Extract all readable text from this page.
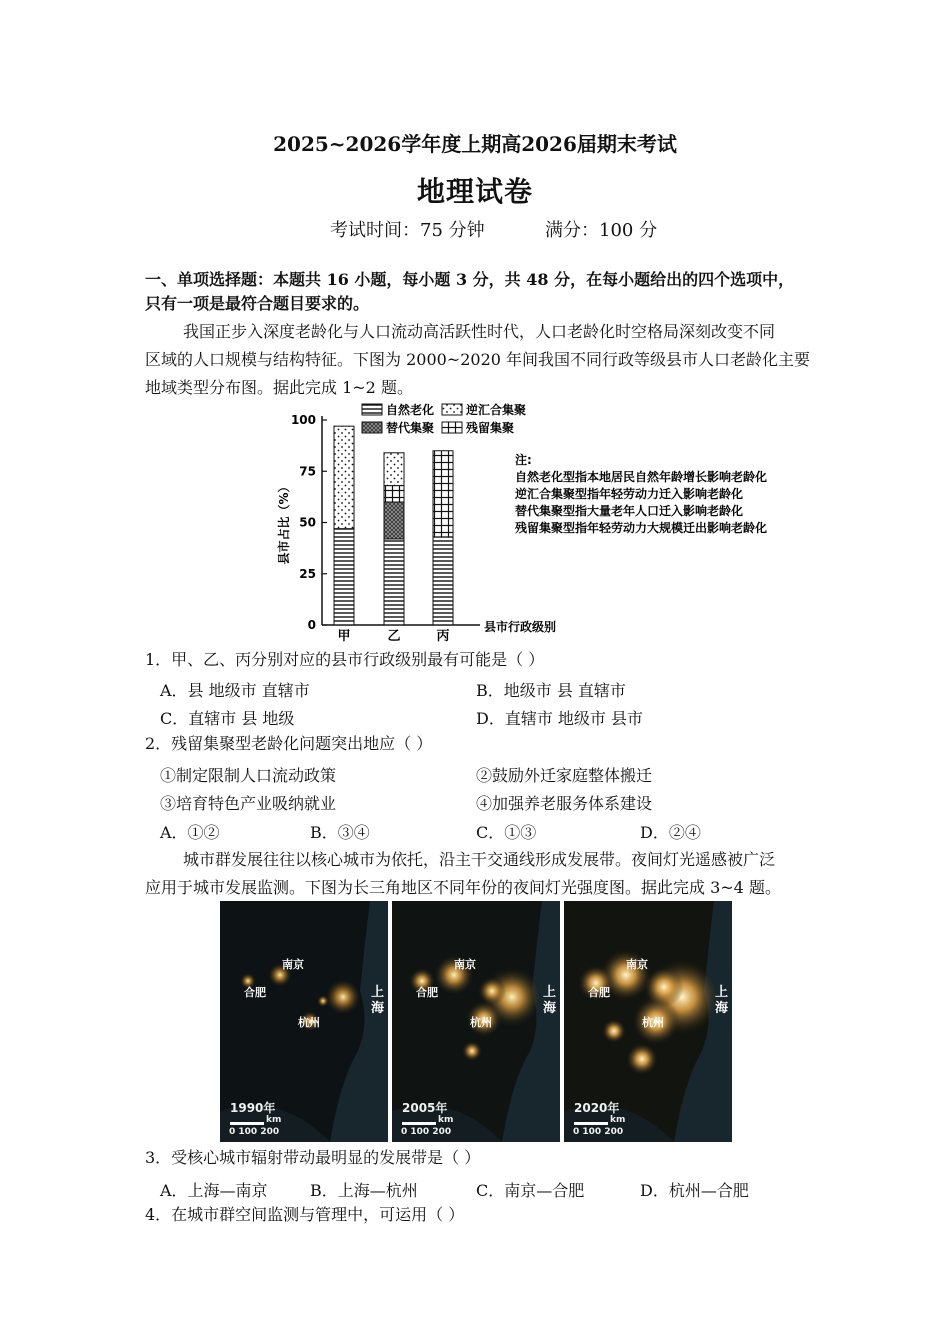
2025~2026学年度上期高2026届期末考试
地理试卷
考试时间：75 分钟	满分：100 分
一、单项选择题：本题共 16 小题，每小题 3 分，共 48 分，在每小题给出的四个选项中，
只有一项是最符合题目要求的。
我国正步入深度老龄化与人口流动高活跃性时代，人口老龄化时空格局深刻改变不同
区域的人口规模与结构特征。下图为 2000~2020 年间我国不同行政等级县市人口老龄化主要
地域类型分布图。据此完成 1~2 题。
100
75
50
25
0
县市占比（%）
县市行政级别
甲	乙	丙
自然老化	逆汇合集聚
替代集聚	残留集聚
注:
自然老化型指本地居民自然年龄增长影响老龄化
逆汇合集聚型指年轻劳动力迁入影响老龄化
替代集聚型指大量老年人口迁入影响老龄化
残留集聚型指年轻劳动力大规模迁出影响老龄化
1．甲、乙、丙分别对应的县市行政级别最有可能是（ ）
A．县 地级市 直辖市	B．地级市 县 直辖市
C．直辖市 县 地级	D．直辖市 地级市 县市
2．残留集聚型老龄化问题突出地应（ ）
①制定限制人口流动政策	②鼓励外迁家庭整体搬迁
③培育特色产业吸纳就业	④加强养老服务体系建设
A．①②	B．③④	C．①③	D．②④
城市群发展往往以核心城市为依托，沿主干交通线形成发展带。夜间灯光遥感被广泛
应用于城市发展监测。下图为长三角地区不同年份的夜间灯光强度图。据此完成 3~4 题。
南京
合肥
杭州
上
海
1990年
km
0 100 200
南京
合肥
杭州
上
海
2005年
km
0 100 200
南京
合肥
杭州
上
海
2020年
km
0 100 200
3．受核心城市辐射带动最明显的发展带是（ ）
A．上海—南京	B．上海—杭州	C．南京—合肥	D．杭州—合肥
4．在城市群空间监测与管理中，可运用（ ）
